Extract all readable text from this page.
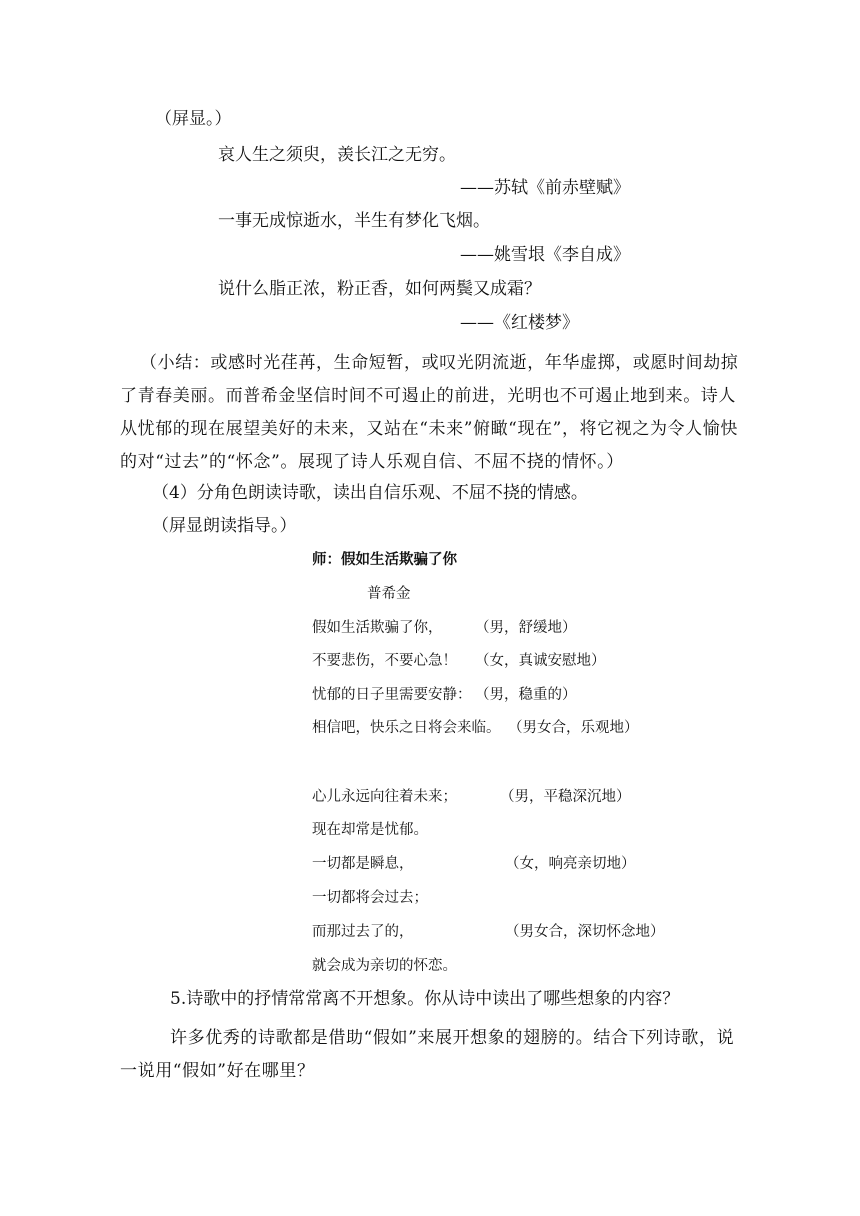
（屏显。）
哀人生之须臾，羡长江之无穷。
——苏轼《前赤壁赋》
一事无成惊逝水，半生有梦化飞烟。
——姚雪垠《李自成》
说什么脂正浓，粉正香，如何两鬓又成霜？
——《红楼梦》

（小结：或感时光荏苒，生命短暂，或叹光阴流逝，年华虚掷，或愿时间劫掠了青春美丽。而普希金坚信时间不可遏止的前进，光明也不可遏止地到来。诗人从忧郁的现在展望美好的未来，又站在“未来”俯瞰“现在”，将它视之为令人愉快的对“过去”的“怀念”。展现了诗人乐观自信、不屈不挠的情怀。）

（4）分角色朗读诗歌，读出自信乐观、不屈不挠的情感。
（屏显朗读指导。）
师：假如生活欺骗了你
普希金
假如生活欺骗了你， （男，舒缓地）
不要悲伤，不要心急！ （女，真诚安慰地）
忧郁的日子里需要安静： （男，稳重的）
相信吧，快乐之日将会来临。 （男女合，乐观地）
心儿永远向往着未来；	（男，平稳深沉地）
现在却常是忧郁。
一切都是瞬息，	（女，响亮亲切地）
一切都将会过去；
而那过去了的，	（男女合，深切怀念地）
就会成为亲切的怀恋。
5.诗歌中的抒情常常离不开想象。你从诗中读出了哪些想象的内容？

许多优秀的诗歌都是借助“假如”来展开想象的翅膀的。结合下列诗歌，说一说用“假如”好在哪里？
